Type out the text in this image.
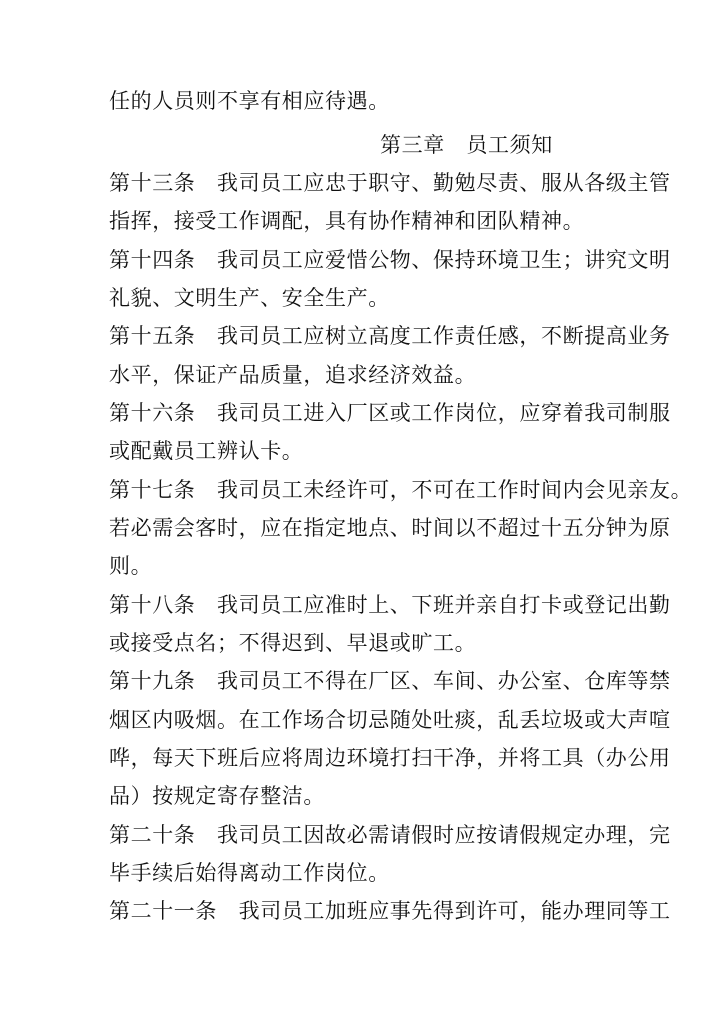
任的人员则不享有相应待遇。
第三章　员工须知
第十三条　我司员工应忠于职守、勤勉尽责、服从各级主管
指挥，接受工作调配，具有协作精神和团队精神。
第十四条　我司员工应爱惜公物、保持环境卫生；讲究文明
礼貌、文明生产、安全生产。
第十五条　我司员工应树立高度工作责任感，不断提高业务
水平，保证产品质量，追求经济效益。
第十六条　我司员工进入厂区或工作岗位，应穿着我司制服
或配戴员工辨认卡。
第十七条　我司员工未经许可，不可在工作时间内会见亲友。
若必需会客时，应在指定地点、时间以不超过十五分钟为原
则。
第十八条　我司员工应准时上、下班并亲自打卡或登记出勤
或接受点名；不得迟到、早退或旷工。
第十九条　我司员工不得在厂区、车间、办公室、仓库等禁
烟区内吸烟。在工作场合切忌随处吐痰，乱丢垃圾或大声喧
哗，每天下班后应将周边环境打扫干净，并将工具（办公用
品）按规定寄存整洁。
第二十条　我司员工因故必需请假时应按请假规定办理，完
毕手续后始得离动工作岗位。
第二十一条　我司员工加班应事先得到许可，能办理同等工
